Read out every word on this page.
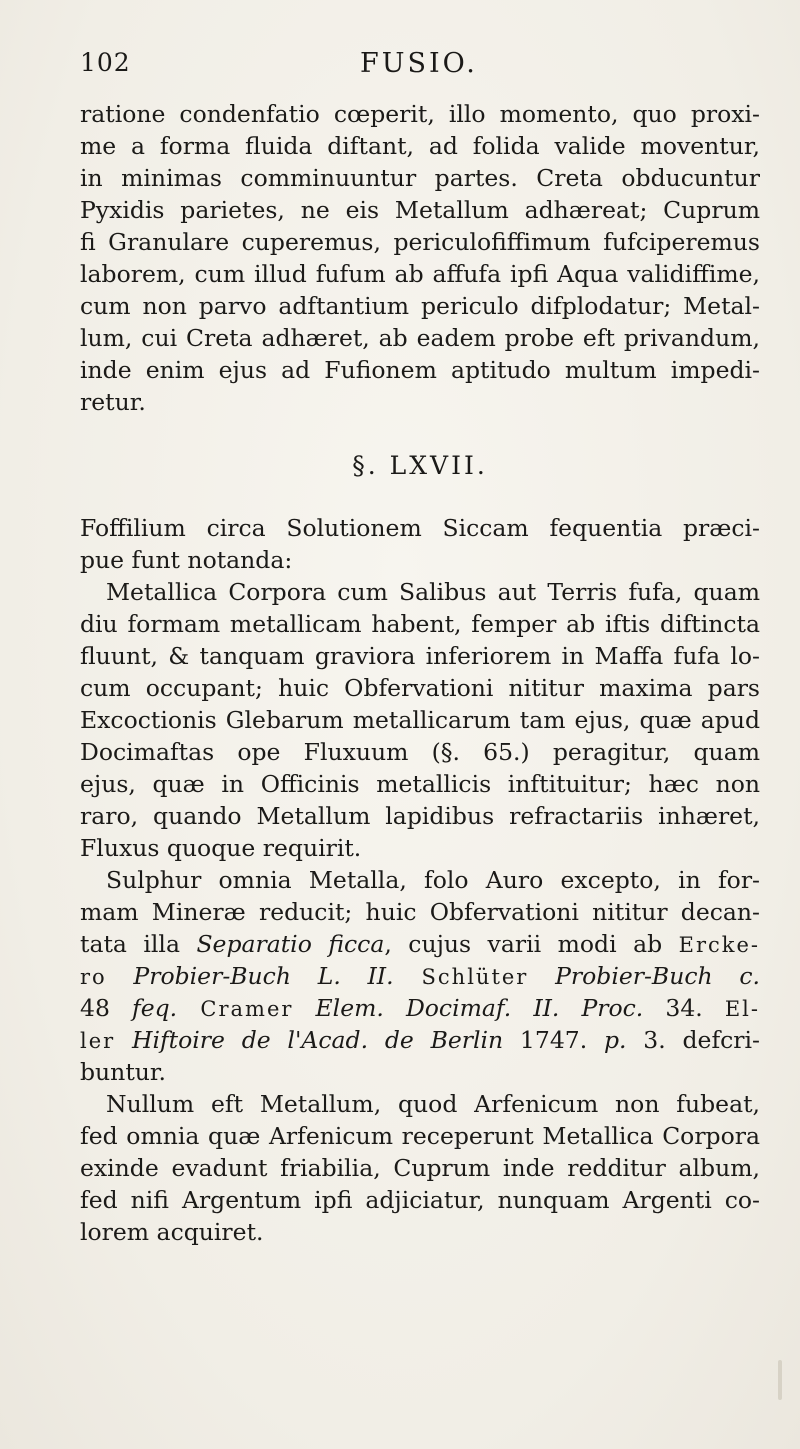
102	FUSIO.
ratione condenfatio cœperit, illo momento, quo proxi-
me a forma fluida diftant, ad folida valide moventur,
in minimas comminuuntur partes. Creta obducuntur
Pyxidis parietes, ne eis Metallum adhæreat; Cuprum
fi Granulare cuperemus, periculofiffimum fufciperemus
laborem, cum illud fufum ab affufa ipfi Aqua validiffime,
cum non parvo adftantium periculo difplodatur; Metal-
lum, cui Creta adhæret, ab eadem probe eft privandum,
inde enim ejus ad Fufionem aptitudo multum impedi-
retur.
§. LXVII.
Foffilium circa Solutionem Siccam fequentia præci-
pue funt notanda:
Metallica Corpora cum Salibus aut Terris fufa, quam
diu formam metallicam habent, femper ab iftis diftincta
fluunt, & tanquam graviora inferiorem in Maffa fufa lo-
cum occupant; huic Obfervationi nititur maxima pars
Excoctionis Glebarum metallicarum tam ejus, quæ apud
Docimaftas ope Fluxuum (§. 65.) peragitur, quam
ejus, quæ in Officinis metallicis inftituitur; hæc non
raro, quando Metallum lapidibus refractariis inhæret,
Fluxus quoque requirit.
Sulphur omnia Metalla, folo Auro excepto, in for-
mam Mineræ reducit; huic Obfervationi nititur decan-
tata illa Separatio ficca, cujus varii modi ab Ercke-
ro Probier-Buch L. II. Schlüter Probier-Buch c.
48 feq. Cramer Elem. Docimaf. II. Proc. 34. El-
ler Hiftoire de l'Acad. de Berlin 1747. p. 3. defcri-
buntur.
Nullum eft Metallum, quod Arfenicum non fubeat,
fed omnia quæ Arfenicum receperunt Metallica Corpora
exinde evadunt friabilia, Cuprum inde redditur album,
fed nifi Argentum ipfi adjiciatur, nunquam Argenti co-
lorem acquiret.
